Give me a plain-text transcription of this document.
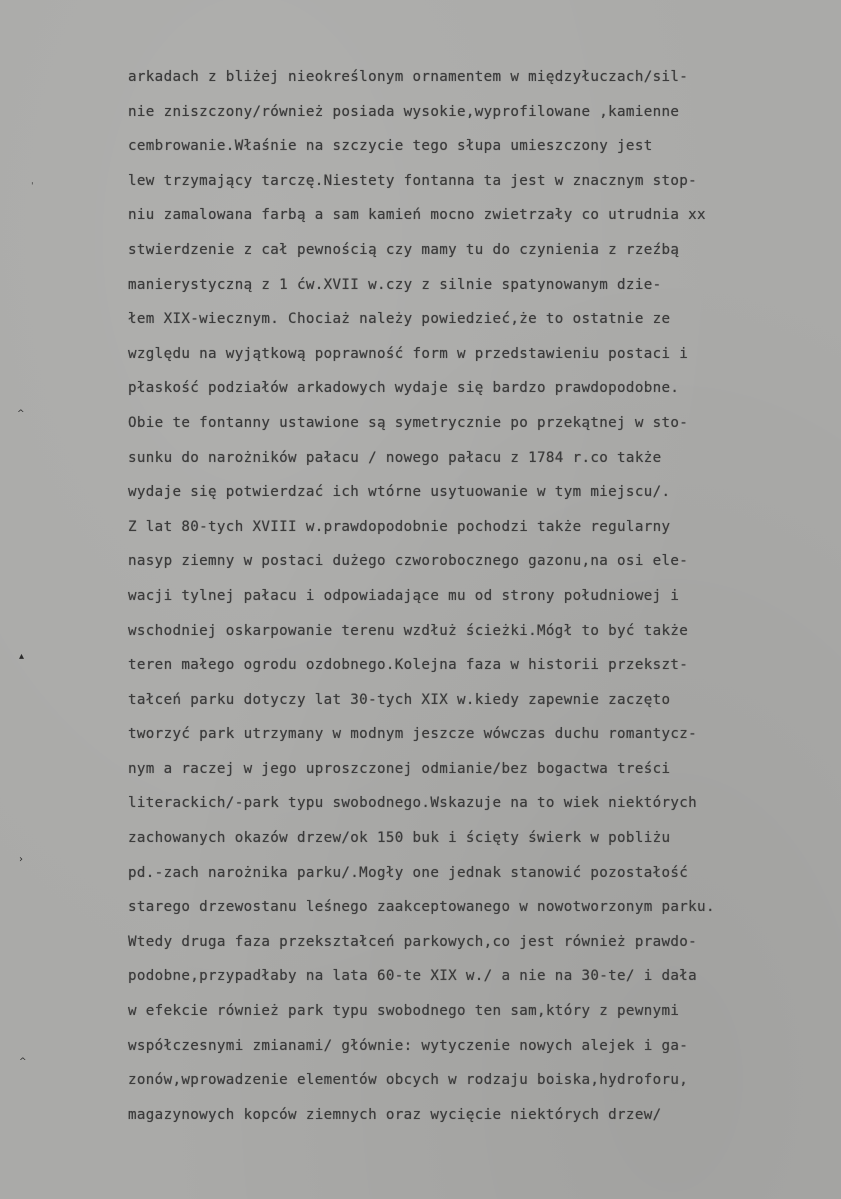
ˈ
^
▴
›
^
arkadach z bliżej nieokreślonym ornamentem w międzyłuczach/sil-
nie zniszczony/również posiada wysokie,wyprofilowane ,kamienne
cembrowanie.Właśnie na szczycie tego słupa umieszczony jest
lew trzymający tarczę.Niestety fontanna ta jest w znacznym stop-
niu zamalowana farbą a sam kamień mocno zwietrzały co utrudnia xx
stwierdzenie z cał pewnością czy mamy tu do czynienia z rzeźbą
manierystyczną z 1 ćw.XVII w.czy z silnie spatynowanym dzie-
łem XIX-wiecznym. Chociaż należy powiedzieć,że to ostatnie ze
względu na wyjątkową poprawność form w przedstawieniu postaci i
płaskość podziałów arkadowych wydaje się bardzo prawdopodobne.
Obie te fontanny ustawione są symetrycznie po przekątnej w sto-
sunku do narożników pałacu / nowego pałacu z 1784 r.co także
wydaje się potwierdzać ich wtórne usytuowanie w tym miejscu/.
Z lat 80-tych XVIII w.prawdopodobnie pochodzi także regularny
nasyp ziemny w postaci dużego czworobocznego gazonu,na osi ele-
wacji tylnej pałacu i odpowiadające mu od strony południowej i
wschodniej oskarpowanie terenu wzdłuż ścieżki.Mógł to być także
teren małego ogrodu ozdobnego.Kolejna faza w historii przekszt-
tałceń parku dotyczy lat 30-tych XIX w.kiedy zapewnie zaczęto
tworzyć park utrzymany w modnym jeszcze wówczas duchu romantycz-
nym a raczej w jego uproszczonej odmianie/bez bogactwa treści
literackich/-park typu swobodnego.Wskazuje na to wiek niektórych
zachowanych okazów drzew/ok 150 buk i ścięty świerk w pobliżu
pd.-zach narożnika parku/.Mogły one jednak stanowić pozostałość
starego drzewostanu leśnego zaakceptowanego w nowotworzonym parku.
Wtedy druga faza przekształceń parkowych,co jest również prawdo-
podobne,przypadłaby na lata 60-te XIX w./ a nie na 30-te/ i dała
w efekcie również park typu swobodnego ten sam,który z pewnymi
współczesnymi zmianami/ głównie: wytyczenie nowych alejek i ga-
zonów,wprowadzenie elementów obcych w rodzaju boiska,hydroforu,
magazynowych kopców ziemnych oraz wycięcie niektórych drzew/
